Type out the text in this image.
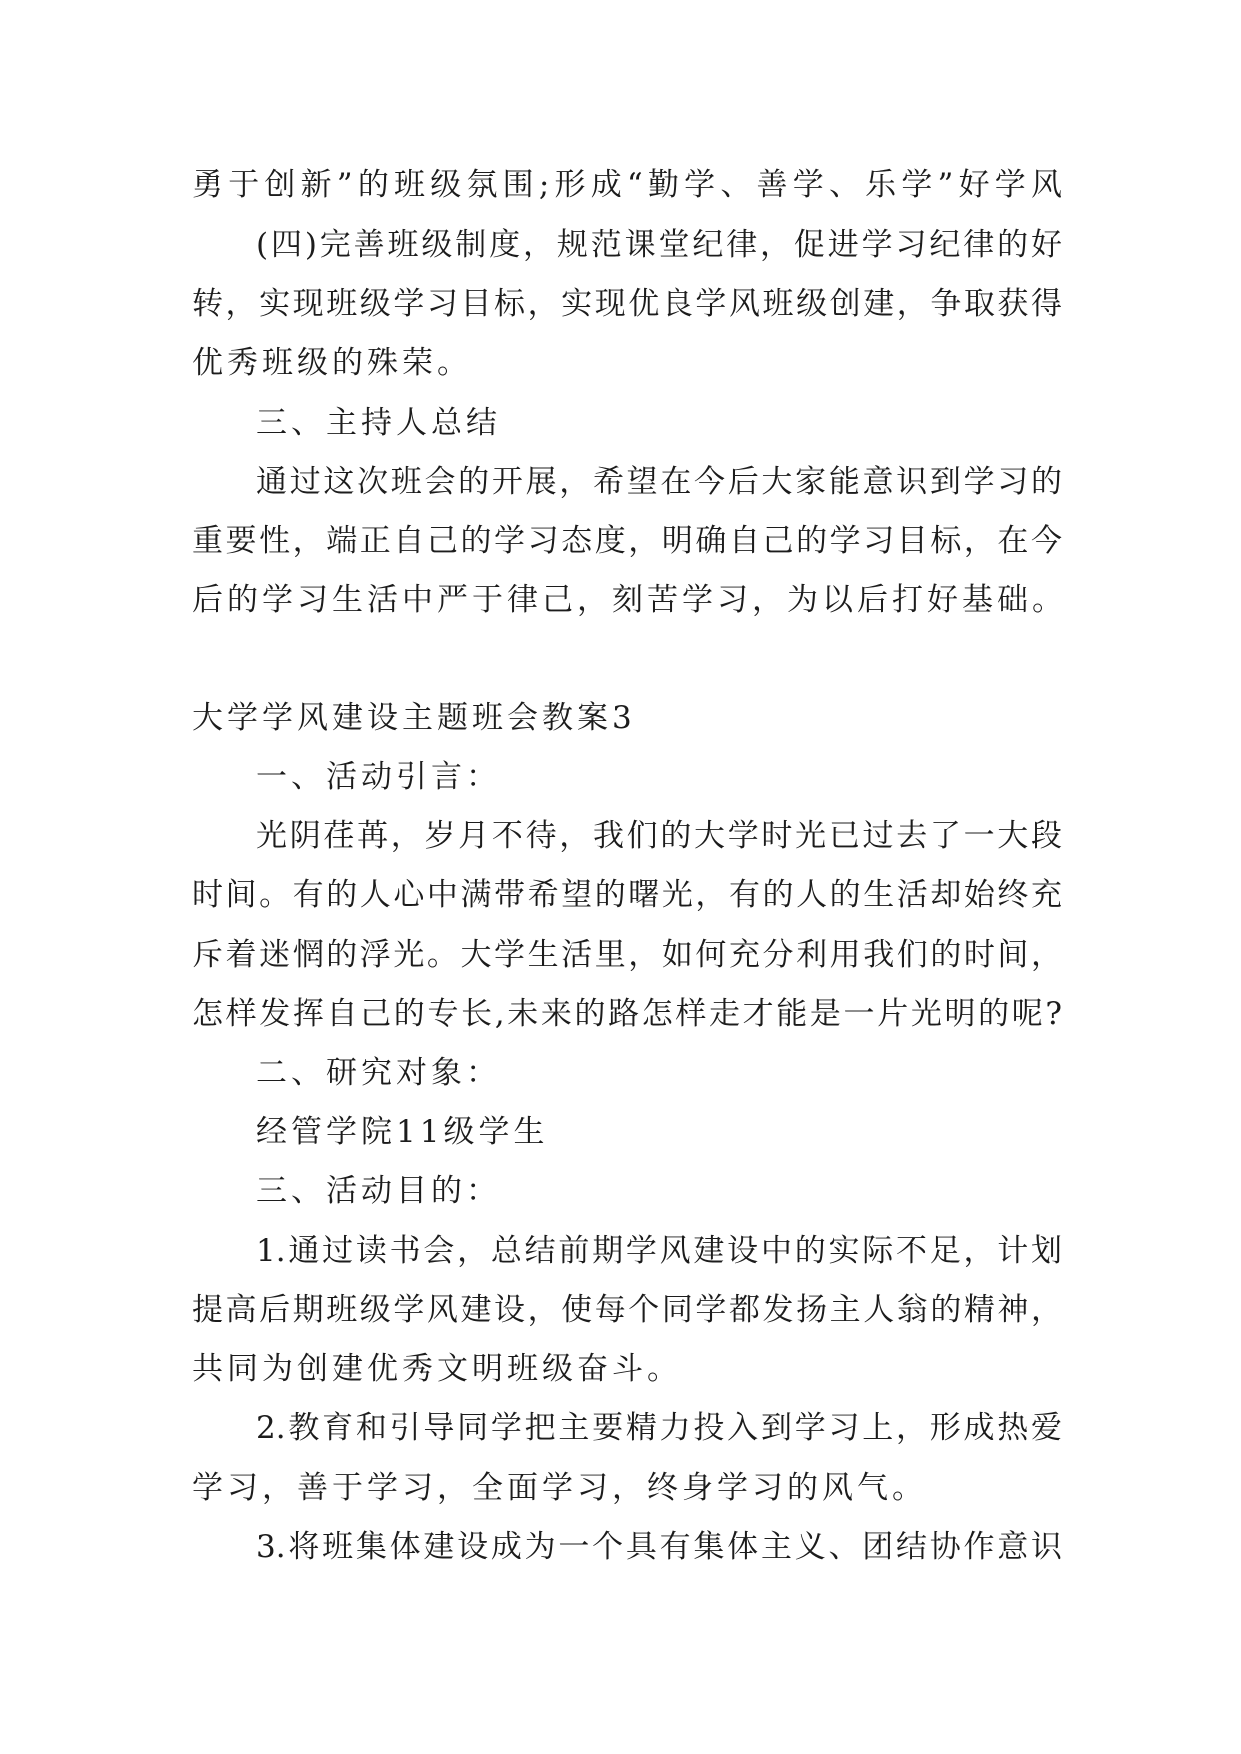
勇于创新”的班级氛围;形成“勤学、善学、乐学”好学风
(四)完善班级制度，规范课堂纪律，促进学习纪律的好
转，实现班级学习目标，实现优良学风班级创建，争取获得
优秀班级的殊荣。
三、主持人总结
通过这次班会的开展，希望在今后大家能意识到学习的
重要性，端正自己的学习态度，明确自己的学习目标，在今
后的学习生活中严于律己，刻苦学习，为以后打好基础。
大学学风建设主题班会教案3
一、活动引言：
光阴荏苒，岁月不待，我们的大学时光已过去了一大段
时间。有的人心中满带希望的曙光，有的人的生活却始终充
斥着迷惘的浮光。大学生活里，如何充分利用我们的时间，
怎样发挥自己的专长,未来的路怎样走才能是一片光明的呢?
二、研究对象：
经管学院11级学生
三、活动目的：
1.通过读书会，总结前期学风建设中的实际不足，计划
提高后期班级学风建设，使每个同学都发扬主人翁的精神，
共同为创建优秀文明班级奋斗。
2.教育和引导同学把主要精力投入到学习上，形成热爱
学习，善于学习，全面学习，终身学习的风气。
3.将班集体建设成为一个具有集体主义、团结协作意识
